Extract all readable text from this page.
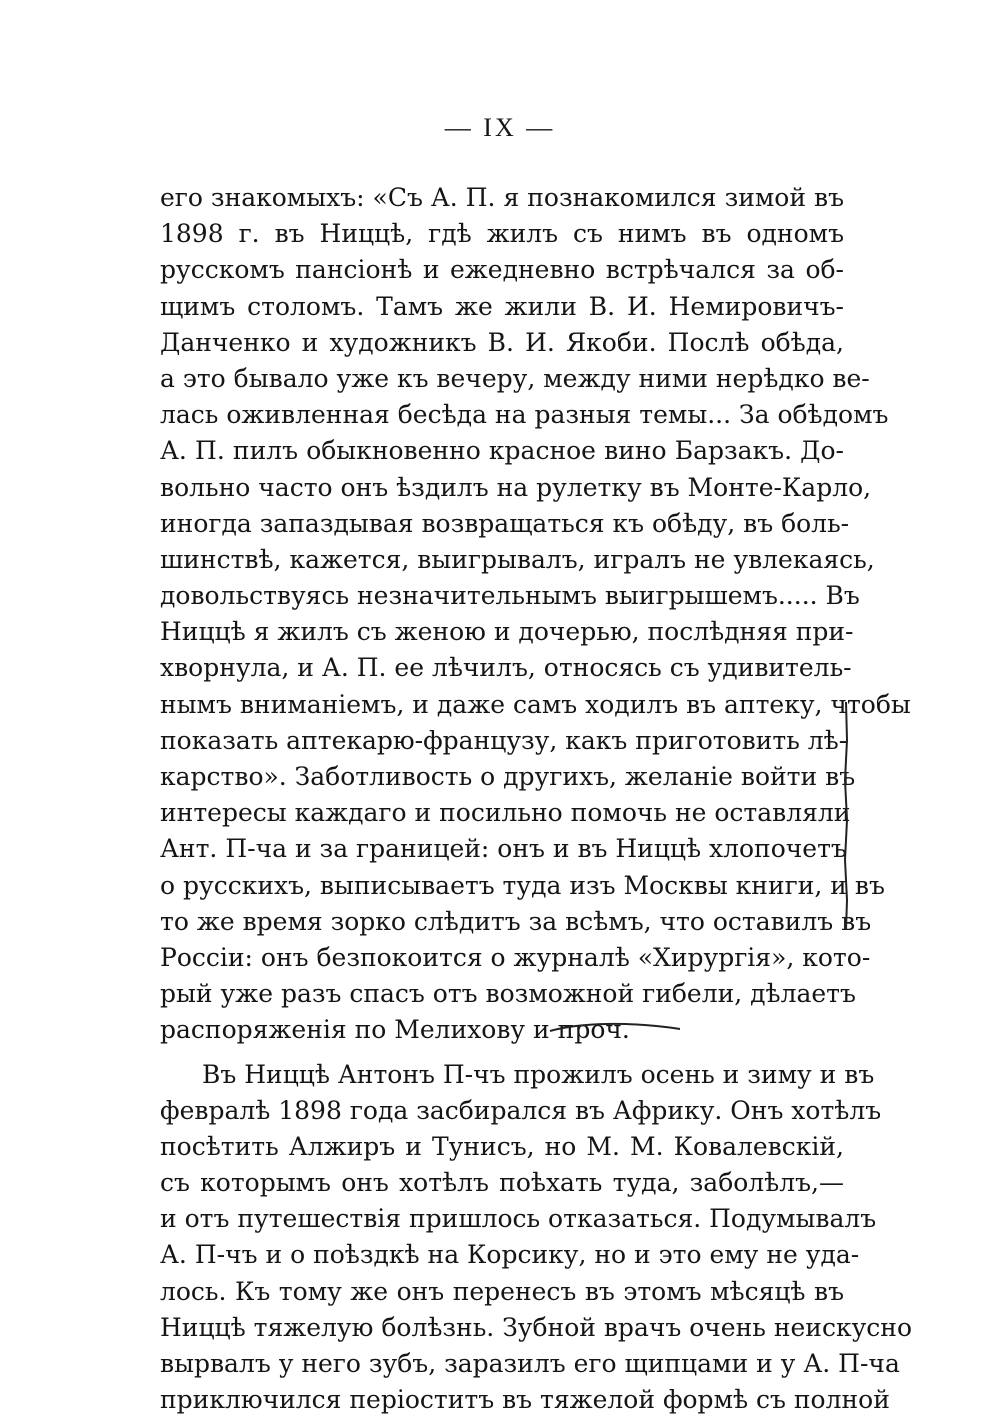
— IX —
его знакомыхъ: «Съ А. П. я познакомился зимой въ
1898 г. въ Ниццѣ, гдѣ жилъ съ нимъ въ одномъ
русскомъ пансіонѣ и ежедневно встрѣчался за об-
щимъ столомъ. Тамъ же жили В. И. Немировичъ-
Данченко и художникъ В. И. Якоби. Послѣ обѣда,
а это бывало уже къ вечеру, между ними нерѣдко ве-
лась оживленная бесѣда на разныя темы... За обѣдомъ
А. П. пилъ обыкновенно красное вино Барзакъ. До-
вольно часто онъ ѣздилъ на рулетку въ Монте-Карло,
иногда запаздывая возвращаться къ обѣду, въ боль-
шинствѣ, кажется, выигрывалъ, игралъ не увлекаясь,
довольствуясь незначительнымъ выигрышемъ..... Въ
Ниццѣ я жилъ съ женою и дочерью, послѣдняя при-
хворнула, и А. П. ее лѣчилъ, относясь съ удивитель-
нымъ вниманіемъ, и даже самъ ходилъ въ аптеку, чтобы
показать аптекарю-французу, какъ приготовить лѣ-
карство». Заботливость о другихъ, желаніе войти въ
интересы каждаго и посильно помочь не оставляли
Ант. П-ча и за границей: онъ и въ Ниццѣ хлопочетъ
о русскихъ, выписываетъ туда изъ Москвы книги, и въ
то же время зорко слѣдитъ за всѣмъ, что оставилъ въ
Россіи: онъ безпокоится о журналѣ «Хирургія», кото-
рый уже разъ спасъ отъ возможной гибели, дѣлаетъ
распоряженія по Мелихову и проч.
Въ Ниццѣ Антонъ П-чъ прожилъ осень и зиму и въ
февралѣ 1898 года засбирался въ Африку. Онъ хотѣлъ
посѣтить Алжиръ и Тунисъ, но М. М. Ковалевскій,
съ которымъ онъ хотѣлъ поѣхать туда, заболѣлъ,—
и отъ путешествія пришлось отказаться. Подумывалъ
А. П-чъ и о поѣздкѣ на Корсику, но и это ему не уда-
лось. Къ тому же онъ перенесъ въ этомъ мѣсяцѣ въ
Ниццѣ тяжелую болѣзнь. Зубной врачъ очень неискусно
вырвалъ у него зубъ, заразилъ его щипцами и у А. П-ча
приключился періоститъ въ тяжелой формѣ съ полной
